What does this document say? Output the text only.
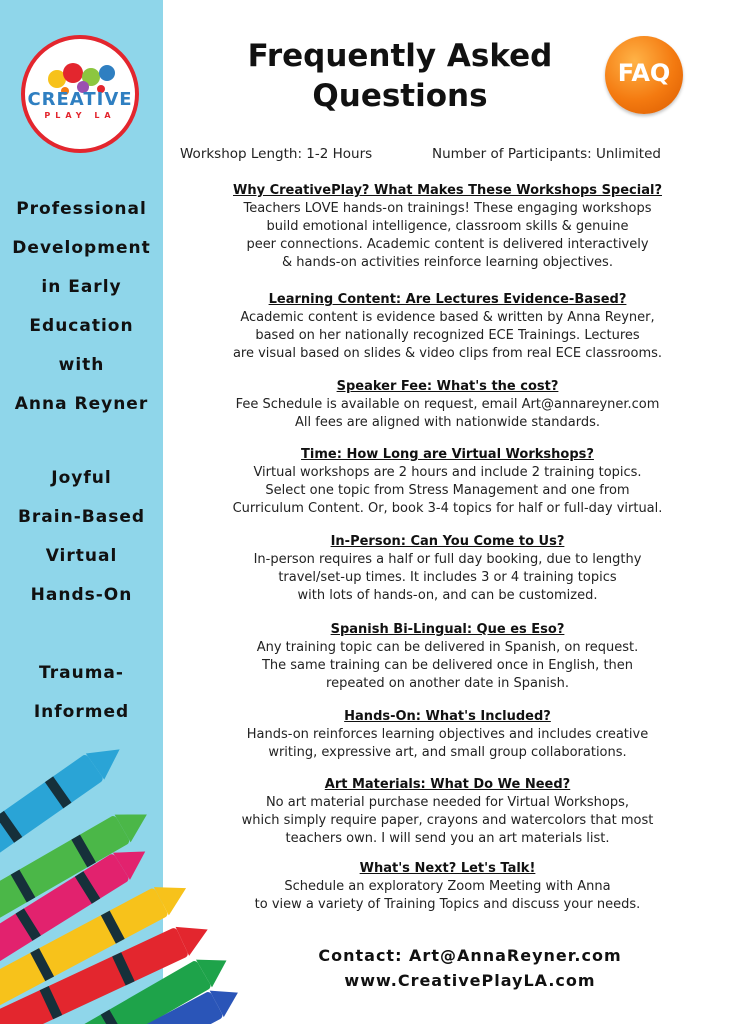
CREATIVE
PLAY LA
Professional
Development
in Early
Education
with
Anna Reyner
Joyful
Brain-Based
Virtual
Hands-On
Trauma-
Informed
Frequently Asked
Questions
FAQ
Workshop Length: 1-2 Hours	Number of Participants: Unlimited
Why CreativePlay? What Makes These Workshops Special?
Teachers LOVE hands-on trainings! These engaging workshops
build emotional intelligence, classroom skills & genuine
peer connections. Academic content is delivered interactively
& hands-on activities reinforce learning objectives.
Learning Content: Are Lectures Evidence-Based?
Academic content is evidence based & written by Anna Reyner,
based on her nationally recognized ECE Trainings. Lectures
are visual based on slides & video clips from real ECE classrooms.
Speaker Fee: What's the cost?
Fee Schedule is available on request, email Art@annareyner.com
All fees are aligned with nationwide standards.
Time: How Long are Virtual Workshops?
Virtual workshops are 2 hours and include 2 training topics.
Select one topic from Stress Management and one from
Curriculum Content. Or, book 3-4 topics for half or full-day virtual.
In-Person: Can You Come to Us?
In-person requires a half or full day booking, due to lengthy
travel/set-up times. It includes 3 or 4 training topics
with lots of hands-on, and can be customized.
Spanish Bi-Lingual: Que es Eso?
Any training topic can be delivered in Spanish, on request.
The same training can be delivered once in English, then
repeated on another date in Spanish.
Hands-On: What's Included?
Hands-on reinforces learning objectives and includes creative
writing, expressive art, and small group collaborations.
Art Materials: What Do We Need?
No art material purchase needed for Virtual Workshops,
which simply require paper, crayons and watercolors that most
teachers own. I will send you an art materials list.
What's Next? Let's Talk!
Schedule an exploratory Zoom Meeting with Anna
to view a variety of Training Topics and discuss your needs.
Contact: Art@AnnaReyner.com
www.CreativePlayLA.com
